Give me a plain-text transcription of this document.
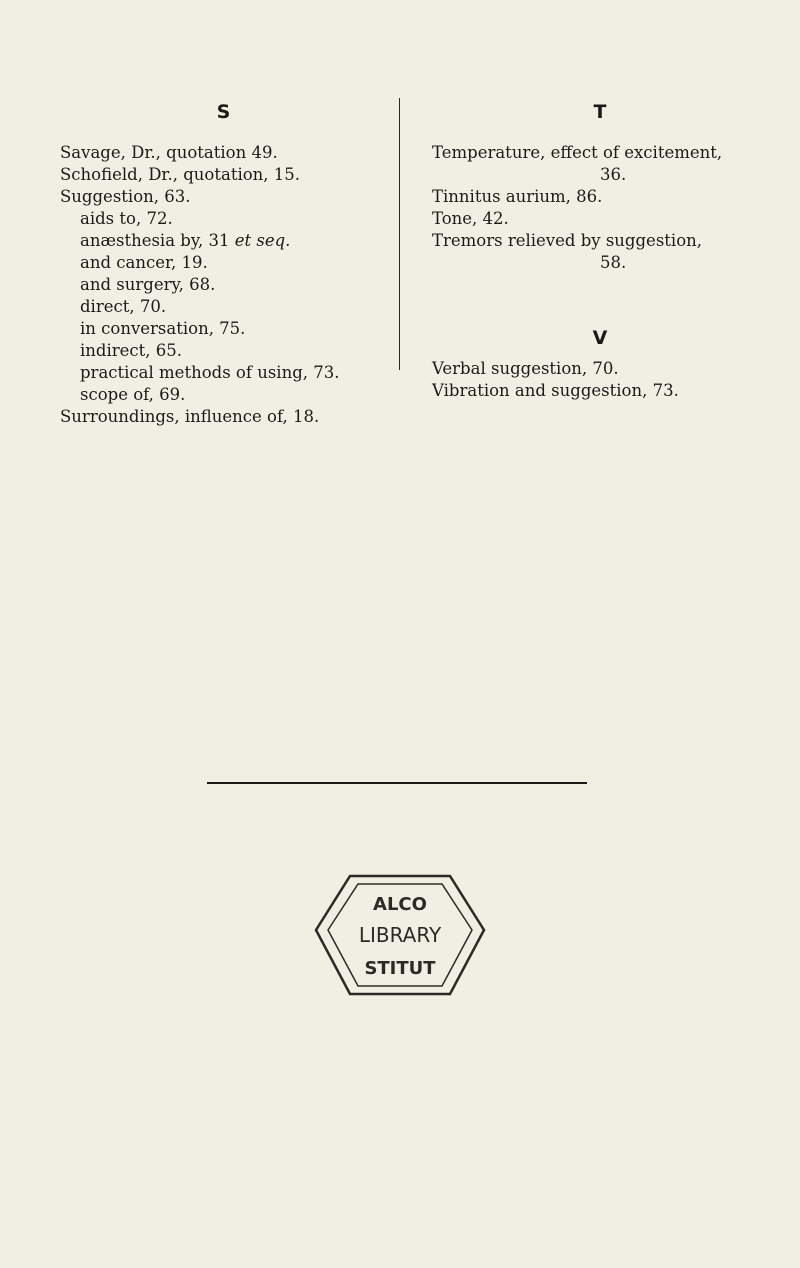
S
Savage, Dr., quotation 49.
Schofield, Dr., quotation, 15.
Suggestion, 63.
aids to, 72.
anæsthesia by, 31 et seq.
and cancer, 19.
and surgery, 68.
direct, 70.
in conversation, 75.
indirect, 65.
practical methods of using, 73.
scope of, 69.
Surroundings, influence of, 18.
T
Temperature, effect of excitement,
36.
Tinnitus aurium, 86.
Tone, 42.
Tremors relieved by suggestion,
58.
V
Verbal suggestion, 70.
Vibration and suggestion, 73.
ALCO
LIBRARY
STITUT
